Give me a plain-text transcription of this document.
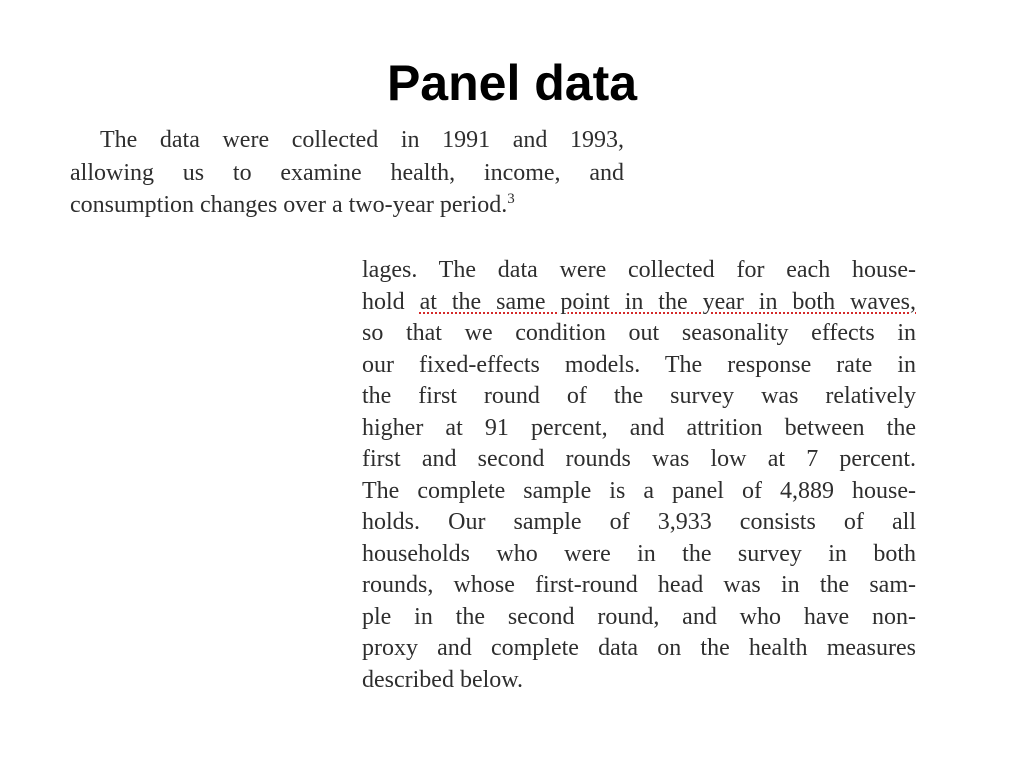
Panel data
The data were collected in 1991 and 1993,
allowing us to examine health, income, and
consumption changes over a two-year period.$^3$
lages. The data were collected for each house-
hold at the same point in the year in both waves,
so that we condition out seasonality effects in
our fixed-effects models. The response rate in
the first round of the survey was relatively
higher at 91 percent, and attrition between the
first and second rounds was low at 7 percent.
The complete sample is a panel of 4,889 house-
holds. Our sample of 3,933 consists of all
households who were in the survey in both
rounds, whose first-round head was in the sam-
ple in the second round, and who have non-
proxy and complete data on the health measures
described below.
